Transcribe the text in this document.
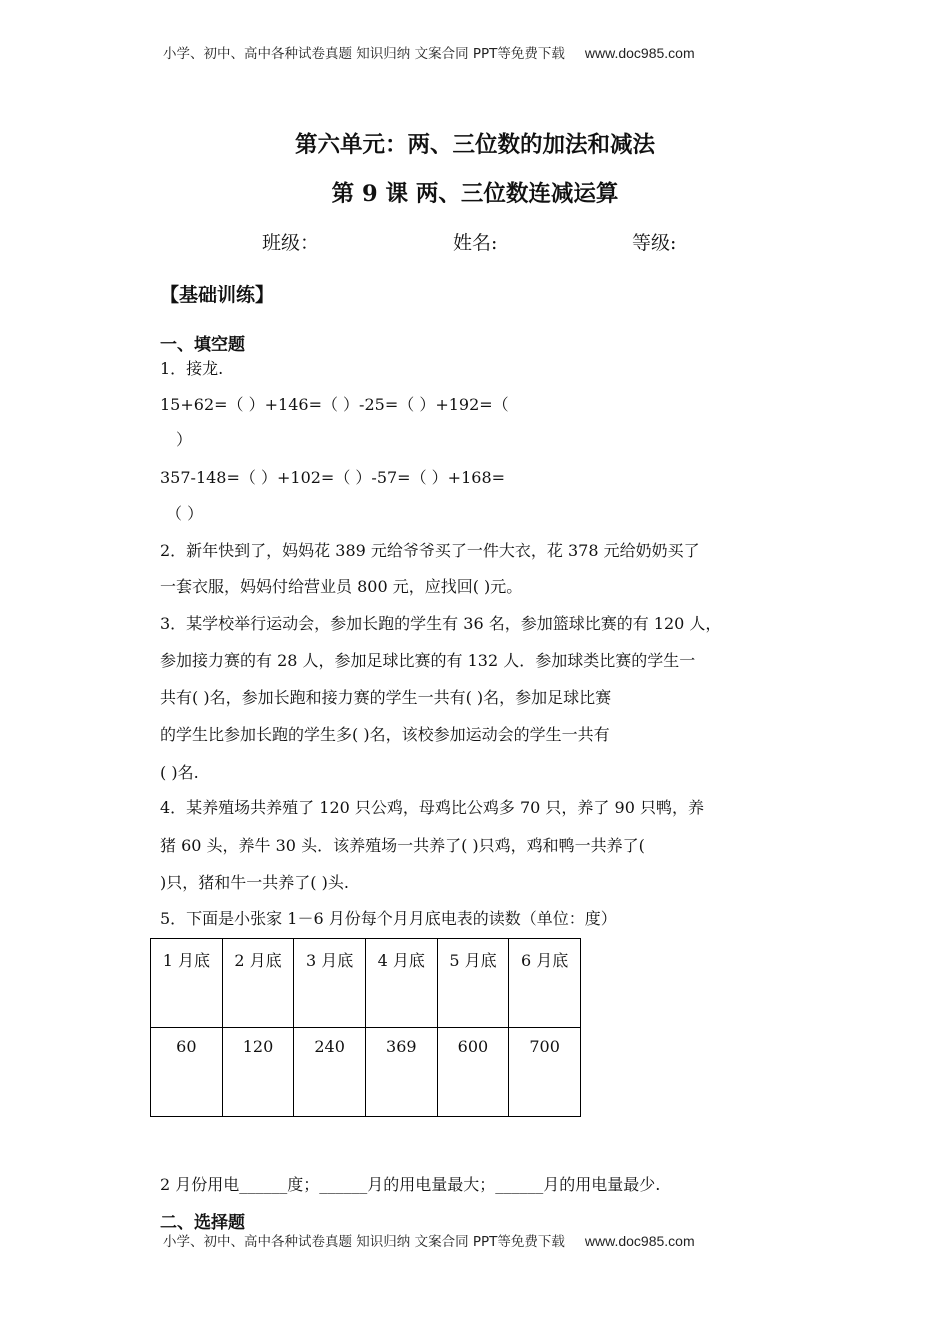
小学、初中、高中各种试卷真题 知识归纳 文案合同 PPT等免费下载 www.doc985.com
第六单元：两、三位数的加法和减法
第 9 课 两、三位数连减运算
班级：	姓名:	等级:
【基础训练】
一、填空题
1．接龙.
15+62=（ ）+146=（ ）-25=（ ）+192=（
）
357-148=（ ）+102=（ ）-57=（ ）+168=
（ ）
2．新年快到了，妈妈花 389 元给爷爷买了一件大衣，花 378 元给奶奶买了
一套衣服，妈妈付给营业员 800 元，应找回( )元。
3．某学校举行运动会，参加长跑的学生有 36 名，参加篮球比赛的有 120 人，
参加接力赛的有 28 人，参加足球比赛的有 132 人．参加球类比赛的学生一
共有( )名，参加长跑和接力赛的学生一共有( )名，参加足球比赛
的学生比参加长跑的学生多( )名，该校参加运动会的学生一共有
( )名.
4．某养殖场共养殖了 120 只公鸡，母鸡比公鸡多 70 只，养了 90 只鸭，养
猪 60 头，养牛 30 头．该养殖场一共养了( )只鸡，鸡和鸭一共养了(
)只，猪和牛一共养了( )头.
5．下面是小张家 1－6 月份每个月月底电表的读数（单位：度）
1 月底	2 月底	3 月底	4 月底	5 月底	6 月底
60	120	240	369	600	700
2 月份用电______度；______月的用电量最大；______月的用电量最少.
二、选择题
小学、初中、高中各种试卷真题 知识归纳 文案合同 PPT等免费下载 www.doc985.com
